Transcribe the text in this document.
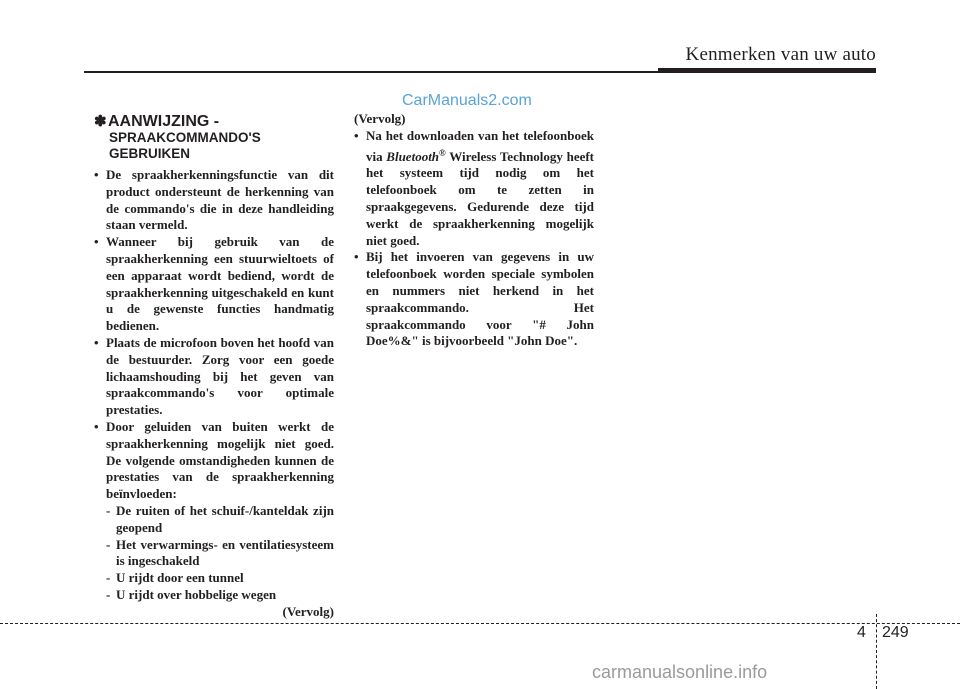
Kenmerken van uw auto
CarManuals2.com
✽ AANWIJZING -
SPRAAKCOMMANDO'S
GEBRUIKEN
• De spraakherkenningsfunctie van dit product ondersteunt de herkenning van de commando's die in deze handleiding staan vermeld.
• Wanneer bij gebruik van de spraakherkenning een stuurwieltoets of een apparaat wordt bediend, wordt de spraakherkenning uitgeschakeld en kunt u de gewenste functies handmatig bedienen.
• Plaats de microfoon boven het hoofd van de bestuurder. Zorg voor een goede lichaamshouding bij het geven van spraakcommando's voor optimale prestaties.
• Door geluiden van buiten werkt de spraakherkenning mogelijk niet goed. De volgende omstandigheden kunnen de prestaties van de spraakherkenning beïnvloeden:
- De ruiten of het schuif-/kanteldak zijn geopend
- Het verwarmings- en ventilatiesysteem is ingeschakeld
- U rijdt door een tunnel
- U rijdt over hobbelige wegen
(Vervolg)
(Vervolg)
• Na het downloaden van het telefoonboek via Bluetooth® Wireless Technology heeft het systeem tijd nodig om het telefoonboek om te zetten in spraakgegevens. Gedurende deze tijd werkt de spraakherkenning mogelijk niet goed.
• Bij het invoeren van gegevens in uw telefoonboek worden speciale symbolen en nummers niet herkend in het spraakcommando. Het spraakcommando voor "# John Doe%&" is bijvoorbeeld "John Doe".
4 249
carmanualsonline.info
